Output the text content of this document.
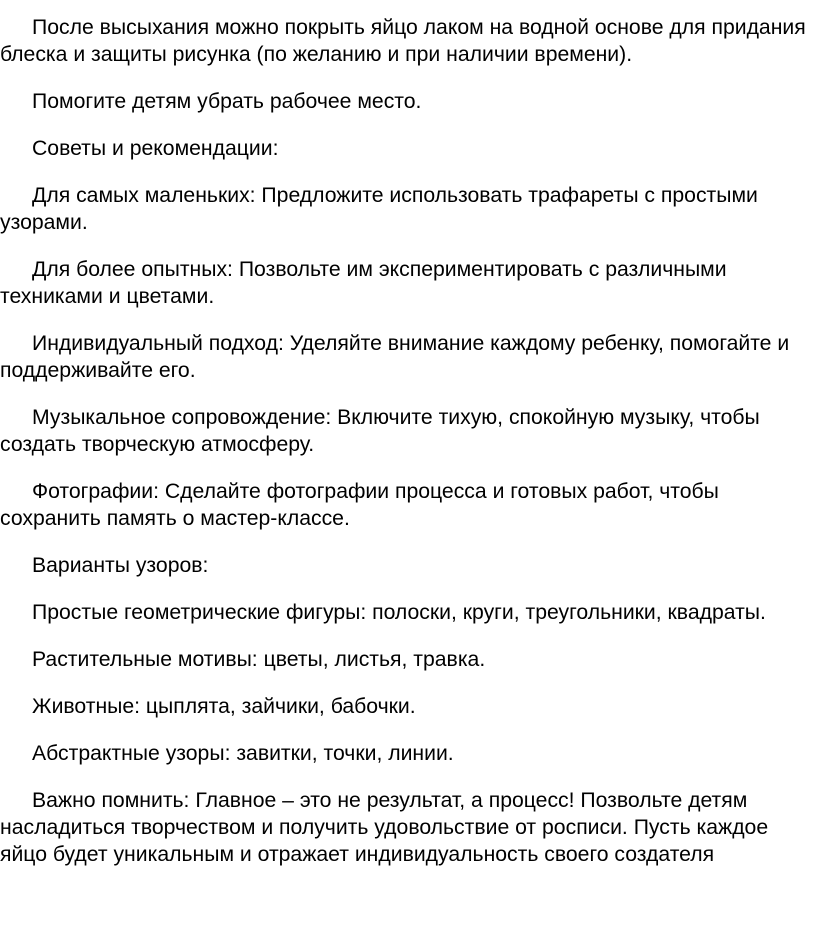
После высыхания можно покрыть яйцо лаком на водной основе для придания блеска и защиты рисунка (по желанию и при наличии времени).

Помогите детям убрать рабочее место.

Советы и рекомендации:

Для самых маленьких: Предложите использовать трафареты с простыми узорами.

Для более опытных: Позвольте им экспериментировать с различными техниками и цветами.

Индивидуальный подход: Уделяйте внимание каждому ребенку, помогайте и поддерживайте его.

Музыкальное сопровождение: Включите тихую, спокойную музыку, чтобы создать творческую атмосферу.

Фотографии: Сделайте фотографии процесса и готовых работ, чтобы сохранить память о мастер-классе.

Варианты узоров:

Простые геометрические фигуры: полоски, круги, треугольники, квадраты.

Растительные мотивы: цветы, листья, травка.

Животные: цыплята, зайчики, бабочки.

Абстрактные узоры: завитки, точки, линии.

Важно помнить: Главное – это не результат, а процесс! Позвольте детям насладиться творчеством и получить удовольствие от росписи. Пусть каждое яйцо будет уникальным и отражает индивидуальность своего создателя
